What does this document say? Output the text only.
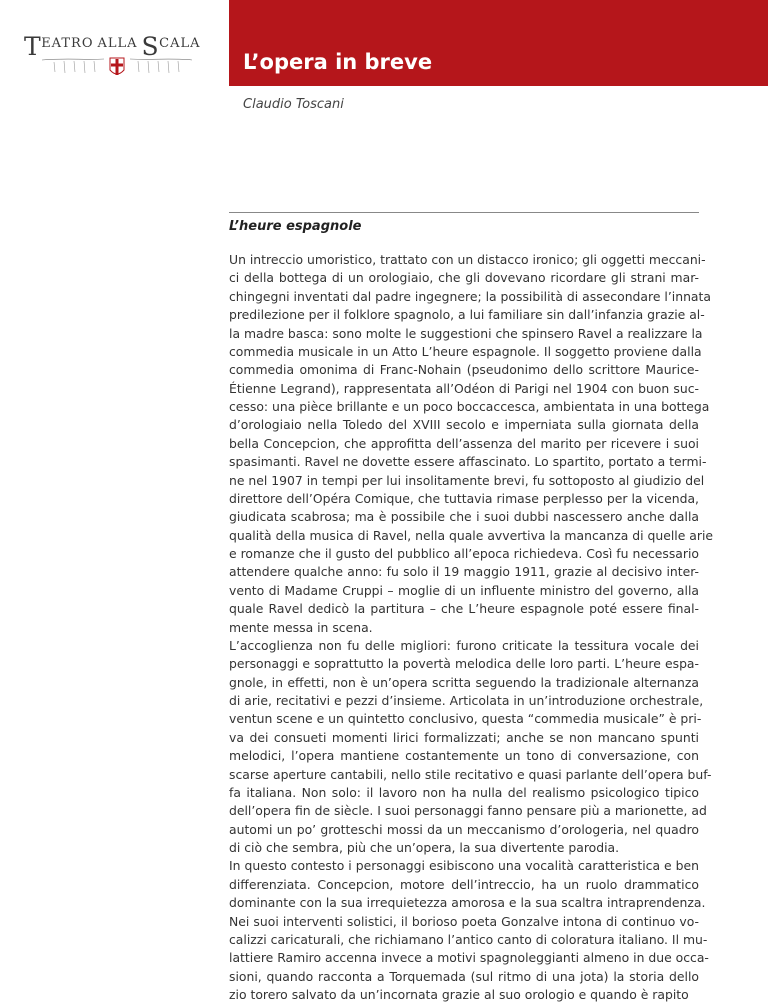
$T^{EATRO}$ $^{ALLA}$ $S^{CALA}$
L’opera in breve
Claudio Toscani
L’heure espagnole
Un intreccio umoristico, trattato con un distacco ironico; gli oggetti meccani-
ci della bottega di un orologiaio, che gli dovevano ricordare gli strani mar-
chingegni inventati dal padre ingegnere; la possibilità di assecondare l’innata
predilezione per il folklore spagnolo, a lui familiare sin dall’infanzia grazie al-
la madre basca: sono molte le suggestioni che spinsero Ravel a realizzare la
commedia musicale in un Atto L’heure espagnole. Il soggetto proviene dalla
commedia omonima di Franc-Nohain (pseudonimo dello scrittore Maurice-
Étienne Legrand), rappresentata all’Odéon di Parigi nel 1904 con buon suc-
cesso: una pièce brillante e un poco boccaccesca, ambientata in una bottega
d’orologiaio nella Toledo del XVIII secolo e imperniata sulla giornata della
bella Concepcion, che approfitta dell’assenza del marito per ricevere i suoi
spasimanti. Ravel ne dovette essere affascinato. Lo spartito, portato a termi-
ne nel 1907 in tempi per lui insolitamente brevi, fu sottoposto al giudizio del
direttore dell’Opéra Comique, che tuttavia rimase perplesso per la vicenda,
giudicata scabrosa; ma è possibile che i suoi dubbi nascessero anche dalla
qualità della musica di Ravel, nella quale avvertiva la mancanza di quelle arie
e romanze che il gusto del pubblico all’epoca richiedeva. Così fu necessario
attendere qualche anno: fu solo il 19 maggio 1911, grazie al decisivo inter-
vento di Madame Cruppi – moglie di un influente ministro del governo, alla
quale Ravel dedicò la partitura – che L’heure espagnole poté essere final-
mente messa in scena.
L’accoglienza non fu delle migliori: furono criticate la tessitura vocale dei
personaggi e soprattutto la povertà melodica delle loro parti. L’heure espa-
gnole, in effetti, non è un’opera scritta seguendo la tradizionale alternanza
di arie, recitativi e pezzi d’insieme. Articolata in un’introduzione orchestrale,
ventun scene e un quintetto conclusivo, questa “commedia musicale” è pri-
va dei consueti momenti lirici formalizzati; anche se non mancano spunti
melodici, l’opera mantiene costantemente un tono di conversazione, con
scarse aperture cantabili, nello stile recitativo e quasi parlante dell’opera buf-
fa italiana. Non solo: il lavoro non ha nulla del realismo psicologico tipico
dell’opera fin de siècle. I suoi personaggi fanno pensare più a marionette, ad
automi un po’ grotteschi mossi da un meccanismo d’orologeria, nel quadro
di ciò che sembra, più che un’opera, la sua divertente parodia.
In questo contesto i personaggi esibiscono una vocalità caratteristica e ben
differenziata. Concepcion, motore dell’intreccio, ha un ruolo drammatico
dominante con la sua irrequietezza amorosa e la sua scaltra intraprendenza.
Nei suoi interventi solistici, il borioso poeta Gonzalve intona di continuo vo-
calizzi caricaturali, che richiamano l’antico canto di coloratura italiano. Il mu-
lattiere Ramiro accenna invece a motivi spagnoleggianti almeno in due occa-
sioni, quando racconta a Torquemada (sul ritmo di una jota) la storia dello
zio torero salvato da un’incornata grazie al suo orologio e quando è rapito
